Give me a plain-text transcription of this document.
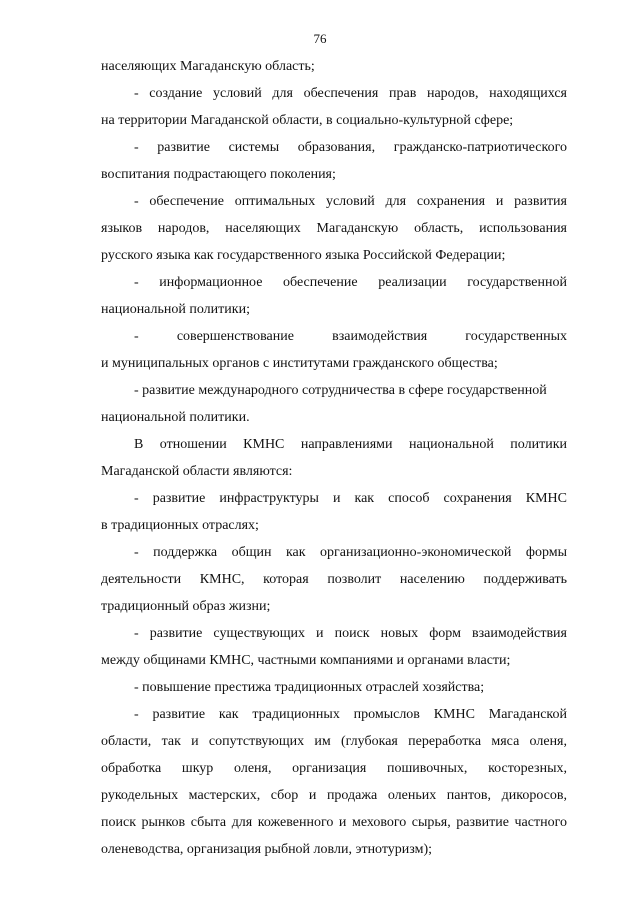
76
населяющих Магаданскую область;
- создание условий для обеспечения прав народов, находящихся
на территории Магаданской области, в социально-культурной сфере;
- развитие системы образования, гражданско-патриотического
воспитания подрастающего поколения;
- обеспечение оптимальных условий для сохранения и развития
языков народов, населяющих Магаданскую область, использования
русского языка как государственного языка Российской Федерации;
- информационное обеспечение реализации государственной
национальной политики;
- совершенствование взаимодействия государственных
и муниципальных органов с институтами гражданского общества;
- развитие международного сотрудничества в сфере государственной
национальной политики.
В отношении КМНС направлениями национальной политики
Магаданской области являются:
- развитие инфраструктуры и как способ сохранения КМНС
в традиционных отраслях;
- поддержка общин как организационно-экономической формы
деятельности КМНС, которая позволит населению поддерживать
традиционный образ жизни;
- развитие существующих и поиск новых форм взаимодействия
между общинами КМНС, частными компаниями и органами власти;
- повышение престижа традиционных отраслей хозяйства;
- развитие как традиционных промыслов КМНС Магаданской
области, так и сопутствующих им (глубокая переработка мяса оленя,
обработка шкур оленя, организация пошивочных, косторезных,
рукодельных мастерских, сбор и продажа оленьих пантов, дикоросов,
поиск рынков сбыта для кожевенного и мехового сырья, развитие частного
оленеводства, организация рыбной ловли, этнотуризм);
